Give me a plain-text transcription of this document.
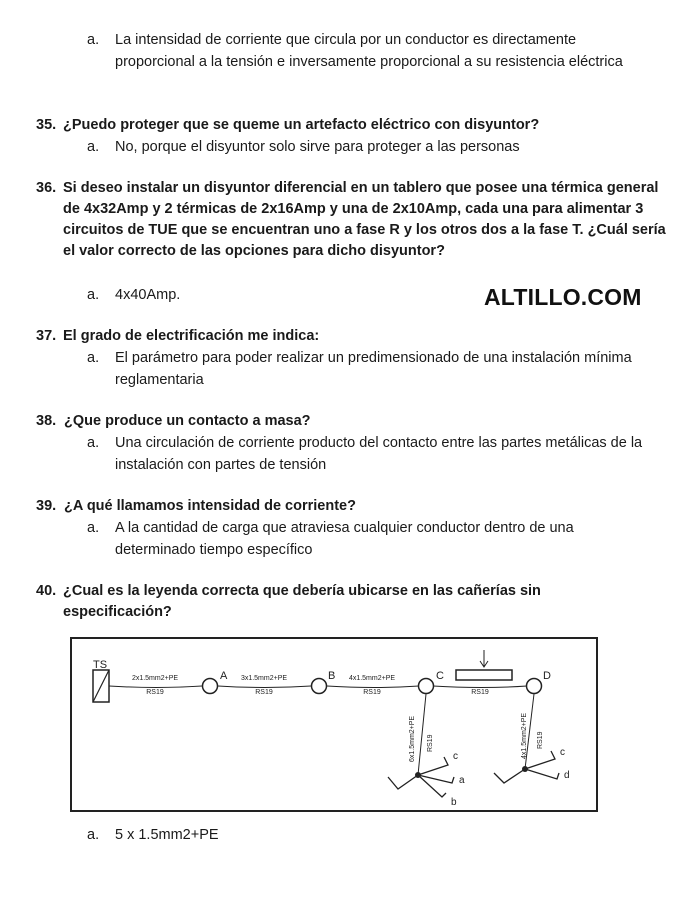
a. La intensidad de corriente que circula por un conductor es directamente proporcional a la tensión e inversamente proporcional a su resistencia eléctrica
35. ¿Puedo proteger que se queme un artefacto eléctrico con disyuntor?
a. No, porque el disyuntor solo sirve para proteger a las personas
36. Si deseo instalar un disyuntor diferencial en un tablero que posee una térmica general de 4x32Amp y 2 térmicas de 2x16Amp y una de 2x10Amp, cada una para alimentar 3 circuitos de TUE que se encuentran uno a fase R y los otros dos a la fase T. ¿Cuál sería el valor correcto de las opciones para dicho disyuntor?
a. 4x40Amp.	ALTILLO.COM
37. El grado de electrificación me indica:
a. El parámetro para poder realizar un predimensionado de una instalación mínima reglamentaria
38. ¿Que produce un contacto a masa?
a. Una circulación de corriente producto del contacto entre las partes metálicas de la instalación con partes de tensión
39. ¿A qué llamamos intensidad de corriente?
a. A la cantidad de carga que atraviesa cualquier conductor dentro de una determinado tiempo específico
40. ¿Cual es la leyenda correcta que debería ubicarse en las cañerías sin especificación?
TS
A	B	C	D
2x1.5mm2+PE
RS19
3x1.5mm2+PE
RS19
4x1.5mm2+PE
RS19	RS19
6x1.5mm2+PE RS19
c
a
b
4x1.5mm2+PE RS19
c
d
a. 5 x 1.5mm2+PE
